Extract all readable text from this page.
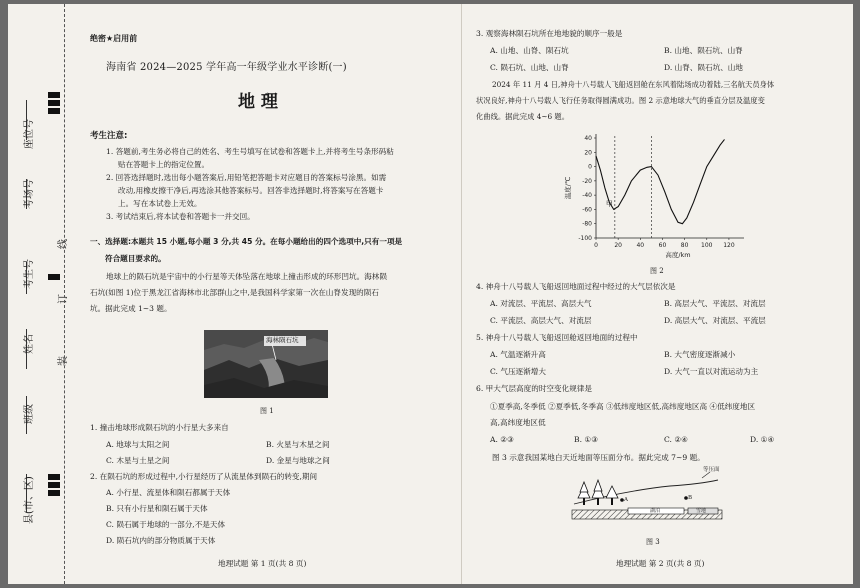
座位号
考场号
考生号
姓名
班级
县(市、区)
线
订
装
绝密★启用前
海南省 2024—2025 学年高一年级学业水平诊断(一)
地 理
考生注意:
1. 答题前,考生务必将自己的姓名、考生号填写在试卷和答题卡上,并将考生号条形码粘
贴在答题卡上的指定位置。
2. 回答选择题时,选出每小题答案后,用铅笔把答题卡对应题目的答案标号涂黑。如需
改动,用橡皮擦干净后,再选涂其他答案标号。回答非选择题时,将答案写在答题卡
上。写在本试卷上无效。
3. 考试结束后,将本试卷和答题卡一并交回。
一、选择题:本题共 15 小题,每小题 3 分,共 45 分。在每小题给出的四个选项中,只有一项是
符合题目要求的。
地球上的陨石坑是宇宙中的小行星等天体坠落在地球上撞击形成的环形凹坑。海林陨
石坑(如图 1)位于黑龙江省海林市北部群山之中,是我国科学家第一次在山脊发现的陨石
坑。据此完成 1~3 题。
海林陨石坑
图 1
1. 撞击地球形成陨石坑的小行星大多来自
A. 地球与太阳之间	B. 火星与木星之间
C. 木星与土星之间	D. 金星与地球之间
2. 在陨石坑的形成过程中,小行星经历了从流星体到陨石的转变,期间
A. 小行星、流星体和陨石都属于天体
B. 只有小行星和陨石属于天体
C. 陨石属于地球的一部分,不是天体
D. 陨石坑内的部分物质属于天体
地理试题 第 1 页(共 8 页)
3. 观察海林陨石坑所在地地貌的顺序一般是
A. 山地、山脊、陨石坑	B. 山地、陨石坑、山脊
C. 陨石坑、山地、山脊	D. 山脊、陨石坑、山地
2024 年 11 月 4 日,神舟十八号载人飞船返回舱在东风着陆场成功着陆,三名航天员身体
状况良好,神舟十八号载人飞行任务取得圆满成功。图 2 示意地球大气的垂直分层及温度变
化曲线。据此完成 4~6 题。
0	20 40 60 80 100 120
40
20
0
-20
-40
-60
-80
-100
甲
高度/km
温度/℃
图 2
4. 神舟十八号载人飞船返回地面过程中经过的大气层依次是
A. 对流层、平流层、高层大气	B. 高层大气、平流层、对流层
C. 平流层、高层大气、对流层	D. 高层大气、对流层、平流层
5. 神舟十八号载人飞船返回舱返回地面的过程中
A. 气温逐渐升高	B. 大气密度逐渐减小
C. 气压逐渐增大	D. 大气一直以对流运动为主
6. 甲大气层高度的时空变化规律是
①夏季高,冬季低 ②夏季低,冬季高 ③低纬度地区低,高纬度地区高 ④低纬度地区
高,高纬度地区低
A. ②③	B. ①③	C. ②④	D. ①④
图 3 示意我国某地白天近地面等压面分布。据此完成 7~9 题。
等压面
A	B
湖泊	雪地
图 3
地理试题 第 2 页(共 8 页)
